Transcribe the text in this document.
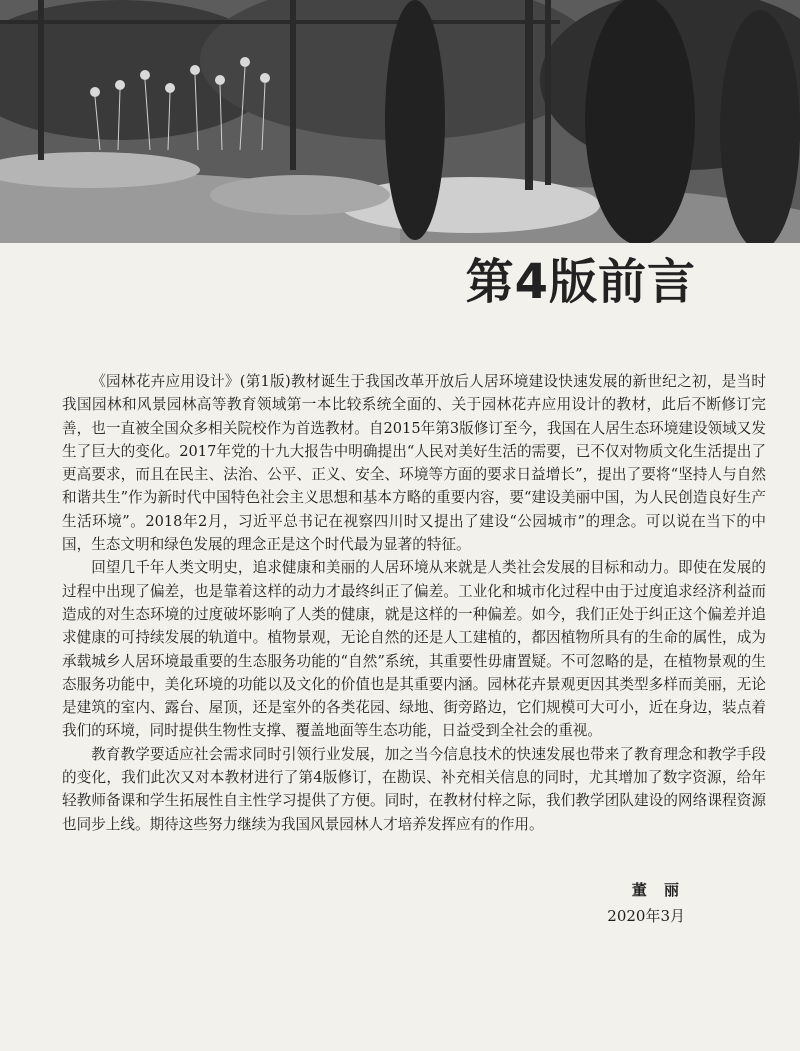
第4版前言

《园林花卉应用设计》(第1版)教材诞生于我国改革开放后人居环境建设快速发展的新世纪之初，是当时我国园林和风景园林高等教育领域第一本比较系统全面的、关于园林花卉应用设计的教材，此后不断修订完善，也一直被全国众多相关院校作为首选教材。自2015年第3版修订至今，我国在人居生态环境建设领域又发生了巨大的变化。2017年党的十九大报告中明确提出“人民对美好生活的需要，已不仅对物质文化生活提出了更高要求，而且在民主、法治、公平、正义、安全、环境等方面的要求日益增长”，提出了要将“坚持人与自然和谐共生”作为新时代中国特色社会主义思想和基本方略的重要内容，要“建设美丽中国，为人民创造良好生产生活环境”。2018年2月，习近平总书记在视察四川时又提出了建设“公园城市”的理念。可以说在当下的中国，生态文明和绿色发展的理念正是这个时代最为显著的特征。

回望几千年人类文明史，追求健康和美丽的人居环境从来就是人类社会发展的目标和动力。即使在发展的过程中出现了偏差，也是靠着这样的动力才最终纠正了偏差。工业化和城市化过程中由于过度追求经济利益而造成的对生态环境的过度破坏影响了人类的健康，就是这样的一种偏差。如今，我们正处于纠正这个偏差并追求健康的可持续发展的轨道中。植物景观，无论自然的还是人工建植的，都因植物所具有的生命的属性，成为承载城乡人居环境最重要的生态服务功能的“自然”系统，其重要性毋庸置疑。不可忽略的是，在植物景观的生态服务功能中，美化环境的功能以及文化的价值也是其重要内涵。园林花卉景观更因其类型多样而美丽，无论是建筑的室内、露台、屋顶，还是室外的各类花园、绿地、街旁路边，它们规模可大可小，近在身边，装点着我们的环境，同时提供生物性支撑、覆盖地面等生态功能，日益受到全社会的重视。

教育教学要适应社会需求同时引领行业发展，加之当今信息技术的快速发展也带来了教育理念和教学手段的变化，我们此次又对本教材进行了第4版修订，在勘误、补充相关信息的同时，尤其增加了数字资源，给年轻教师备课和学生拓展性自主性学习提供了方便。同时，在教材付梓之际，我们教学团队建设的网络课程资源也同步上线。期待这些努力继续为我国风景园林人才培养发挥应有的作用。

董 丽
2020年3月
